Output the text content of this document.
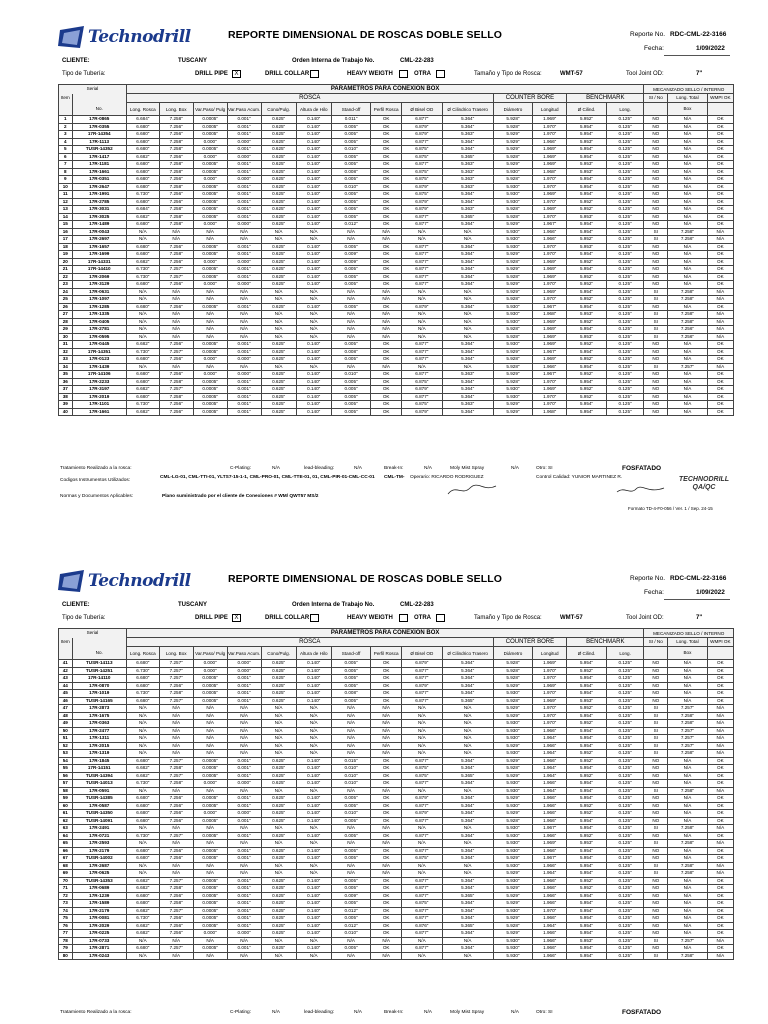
Technodrill	REPORTE DIMENSIONAL DE ROSCAS DOBLE SELLO	Reporte No. RDC-CML-22-3166
Fecha:	1/09/2022
CLIENTE:	TUSCANY	Orden Interna de Trabajo No.	CML-22-283
Tipo de Tubería:	DRILL PIPE	X	DRILL COLLAR	HEAVY WEIGTH	OTRA	Tamaño y Tipo de Rosca:	WMT-57	Tool Joint OD:	7"
Serial		PARÁMETROS PARA CONEXIÓN BOX														MECANIZADO SELLO / INTERNO		
Item		ROSCA										COUNTER BORE		BENCHMARK		SI / No	Long. Total	WMPI OK
	No.	Long. Rosca	Long. Box	Var.Paso/ Pulg	Var.Paso Acum.	Cono/Pulg.	Altura de Hilo	Stand-off	Perfil Rosca	Ø Bisel OD	Ø Cilindrico Trasero	Diámetro	Longitud	Ø Cilind.	Long.		Box	
1	17R-0865	6.684"	7.258"	0.0005"	0.001"	0.625"	0.140"	0.011"	OK	6.877"	5.364"	5.928"	1.969"	5.952"	0.125"	NO	N/A	OK
2	17R-0355	6.680"	7.256"	0.0005"	0.001"	0.625"	0.140"	0.005"	OK	6.879"	5.364"	5.928"	1.970"	5.954"	0.125"	NO	N/A	OK
3	17R-14354	6.680"	7.256"	0.0005"	0.001"	0.625"	0.140"	0.005"	OK	6.879"	5.363"	5.929"	1.970"	5.954"	0.125"	NO	N/A	OK
4	17R-1113	6.680"	7.258"	0.000"	0.000"	0.625"	0.140"	0.005"	OK	6.877"	5.364"	5.929"	1.966"	5.953"	0.125"	NO	N/A	OK
5	TUSR-14352	6.680"	7.258"	0.0005"	0.001"	0.625"	0.140"	0.010"	OK	6.875"	5.364"	5.929"	1.969"	5.954"	0.125"	NO	N/A	OK
6	17R-1417	6.682"	7.256"	0.000"	0.000"	0.625"	0.140"	0.005"	OK	6.875"	5.365"	5.928"	1.969"	5.954"	0.125"	NO	N/A	OK
7	17R-1181	6.680"	7.258"	0.0005"	0.001"	0.625"	0.140"	0.005"	OK	6.877"	5.363"	5.929"	1.969"	5.953"	0.125"	NO	N/A	OK
8	17R-1661	6.680"	7.258"	0.0005"	0.001"	0.625"	0.140"	0.008"	OK	6.875"	5.363"	5.930"	1.968"	5.953"	0.125"	NO	N/A	OK
9	17R-0351	6.680"	7.256"	0.000"	0.000"	0.625"	0.140"	0.005"	OK	6.875"	5.363"	5.928"	1.970"	5.954"	0.125"	NO	N/A	OK
10	17R-2647	6.680"	7.258"	0.0005"	0.001"	0.625"	0.140"	0.010"	OK	6.879"	5.363"	5.930"	1.970"	5.954"	0.125"	NO	N/A	OK
11	17R-1991	6.730"	7.256"	0.0005"	0.001"	0.625"	0.140"	0.005"	OK	6.875"	5.364"	5.930"	1.969"	5.954"	0.125"	NO	N/A	OK
12	17R-2785	6.680"	7.256"	0.0005"	0.001"	0.625"	0.140"	0.005"	OK	6.879"	5.364"	5.930"	1.970"	5.952"	0.125"	NO	N/A	OK
13	17R-3031	6.684"	7.258"	0.0005"	0.001"	0.625"	0.140"	0.005"	OK	6.879"	5.363"	5.928"	1.969"	5.952"	0.125"	NO	N/A	OK
14	17R-3025	6.682"	7.258"	0.0005"	0.001"	0.625"	0.140"	0.005"	OK	6.877"	5.365"	5.928"	1.970"	5.953"	0.125"	NO	N/A	OK
15	17R-1489	6.680"	7.258"	0.000"	0.000"	0.625"	0.140"	0.012"	OK	6.877"	5.364"	5.929"	1.967"	5.954"	0.125"	NO	N/A	OK
16	17R-0043	N/A	N/A	N/A	N/A	N/A	N/A	N/A	N/A	N/A	N/A	5.930"	1.966"	5.954"	0.125"	SI	7.258"	N/A
17	17R-2697	N/A	N/A	N/A	N/A	N/A	N/A	N/A	N/A	N/A	N/A	5.930"	1.966"	5.952"	0.125"	SI	7.256"	N/A
18	17R-1657	6.680"	7.256"	0.0005"	0.001"	0.625"	0.140"	0.005"	OK	6.877"	5.364"	5.930"	1.970"	5.953"	0.125"	NO	N/A	OK
19	17R-1699	6.680"	7.258"	0.0005"	0.001"	0.625"	0.140"	0.009"	OK	6.877"	5.364"	5.929"	1.970"	5.954"	0.125"	NO	N/A	OK
20	17R-14331	6.682"	7.256"	0.000"	0.000"	0.625"	0.140"	0.009"	OK	6.877"	5.364"	5.928"	1.969"	5.952"	0.125"	NO	N/A	OK
21	17R-14410	6.730"	7.257"	0.0005"	0.001"	0.625"	0.140"	0.005"	OK	6.877"	5.364"	5.929"	1.969"	5.954"	0.125"	NO	N/A	OK
22	17R-2069	6.730"	7.257"	0.0005"	0.001"	0.625"	0.140"	0.005"	OK	6.877"	5.364"	5.928"	1.969"	5.952"	0.125"	NO	N/A	OK
23	17R-3129	6.680"	7.256"	0.000"	0.000"	0.625"	0.140"	0.005"	OK	6.877"	5.364"	5.929"	1.970"	5.952"	0.125"	NO	N/A	OK
24	17R-0631	N/A	N/A	N/A	N/A	N/A	N/A	N/A	N/A	N/A	N/A	5.929"	1.969"	5.954"	0.125"	SI	7.258"	N/A
25	17R-1097	N/A	N/A	N/A	N/A	N/A	N/A	N/A	N/A	N/A	N/A	5.928"	1.970"	5.952"	0.125"	SI	7.258"	N/A
26	17R-1285	6.680"	7.256"	0.0005"	0.001"	0.625"	0.140"	0.005"	OK	6.879"	5.364"	5.930"	1.967"	5.954"	0.125"	NO	N/A	OK
27	17R-1335	N/A	N/A	N/A	N/A	N/A	N/A	N/A	N/A	N/A	N/A	5.930"	1.968"	5.953"	0.125"	SI	7.258"	N/A
28	17R-0405	N/A	N/A	N/A	N/A	N/A	N/A	N/A	N/A	N/A	N/A	5.930"	1.969"	5.952"	0.125"	SI	7.258"	N/A
29	17R-2781	N/A	N/A	N/A	N/A	N/A	N/A	N/A	N/A	N/A	N/A	5.928"	1.969"	5.954"	0.125"	SI	7.256"	N/A
30	17R-0595	N/A	N/A	N/A	N/A	N/A	N/A	N/A	N/A	N/A	N/A	5.928"	1.969"	5.953"	0.125"	SI	7.256"	N/A
31	17R-0445	6.682"	7.256"	0.0005"	0.001"	0.625"	0.140"	0.005"	OK	6.877"	5.364"	5.930"	1.969"	5.952"	0.125"	NO	N/A	OK
32	17R-14351	6.730"	7.257"	0.0005"	0.001"	0.625"	0.140"	0.008"	OK	6.877"	5.364"	5.929"	1.967"	5.954"	0.125"	NO	N/A	OK
33	17R-0123	6.680"	7.256"	0.000"	0.000"	0.625"	0.140"	0.005"	OK	6.877"	5.364"	5.928"	1.969"	5.952"	0.125"	NO	N/A	OK
34	17R-1439	N/A	N/A	N/A	N/A	N/A	N/A	N/A	N/A	N/A	N/A	5.928"	1.966"	5.954"	0.125"	SI	7.257"	N/A
35	17R-14106	6.680"	7.256"	0.000"	0.000"	0.625"	0.140"	0.010"	OK	6.877"	5.363"	5.929"	1.967"	5.952"	0.125"	NO	N/A	OK
36	17R-2233	6.680"	7.258"	0.0005"	0.001"	0.625"	0.140"	0.005"	OK	6.875"	5.364"	5.928"	1.970"	5.954"	0.125"	NO	N/A	OK
37	17R-3197	6.682"	7.257"	0.0005"	0.001"	0.625"	0.140"	0.005"	OK	6.879"	5.364"	5.930"	1.969"	5.952"	0.125"	NO	N/A	OK
38	17R-2019	6.680"	7.258"	0.0005"	0.001"	0.625"	0.140"	0.005"	OK	6.877"	5.364"	5.930"	1.970"	5.952"	0.125"	NO	N/A	OK
39	17R-1101	6.730"	7.256"	0.0005"	0.001"	0.625"	0.140"	0.005"	OK	6.875"	5.363"	5.929"	1.970"	5.954"	0.125"	NO	N/A	OK
40	17R-1661	6.682"	7.256"	0.0005"	0.001"	0.625"	0.140"	0.005"	OK	6.879"	5.364"	5.929"	1.968"	5.954"	0.125"	NO	N/A	OK
Tratamiento Realizado a la rosca:	C-Plating:	N/A	lead-bleading:	N/A	Break-In:	N/A	Moly Mist Spray	N/A	Otro: SI	FOSFATADO
Codigos Instrumentos Utilizados:
CML-LG-01, CML-TTI-01, YLTS7-15-1-1, CML-PRO-01, CML-TTE-01, 01, CML-PIR-01-CML-CC-01	CML-TM- Operario: RICARDO RODRIGUEZ	Control Calidad: YUNIOR MARTINEZ R.
Normas y Documentos Aplicables:	Plano suministrado por el cliente de Conexiones # WM/ QWT57 MS/2
TECHNODRILL QA/QC
Formato TD-4-F0-056 / Ver. 1 / Sep. 24-15
Technodrill	REPORTE DIMENSIONAL DE ROSCAS DOBLE SELLO	Reporte No. RDC-CML-22-3166
Fecha:	1/09/2022
CLIENTE:	TUSCANY	Orden Interna de Trabajo No.	CML-22-283
Tipo de Tubería:	DRILL PIPE	X	DRILL COLLAR	HEAVY WEIGTH	OTRA	Tamaño y Tipo de Rosca:	WMT-57	Tool Joint OD:	7"
Serial		PARÁMETROS PARA CONEXIÓN BOX														MECANIZADO SELLO / INTERNO		
Item		ROSCA										COUNTER BORE		BENCHMARK		SI / No	Long. Total	WMPI OK
	No.	Long. Rosca	Long. Box	Var.Paso/ Pulg	Var.Paso Acum.	Cono/Pulg.	Altura de Hilo	Stand-off	Perfil Rosca	Ø Bisel OD	Ø Cilindrico Trasero	Diámetro	Longitud	Ø Cilind.	Long.		Box	
41	TUSR-14113	6.680"	7.257"	0.000"	0.000"	0.625"	0.140"	0.005"	OK	6.879"	5.364"	5.928"	1.969"	5.954"	0.125"	NO	N/A	OK
42	TUSR-14251	6.730"	7.257"	0.000"	0.000"	0.625"	0.140"	0.005"	OK	6.877"	5.364"	5.928"	1.970"	5.952"	0.125"	NO	N/A	OK
43	17R-14110	6.680"	7.257"	0.0005"	0.001"	0.625"	0.140"	0.005"	OK	6.877"	5.364"	5.928"	1.970"	5.954"	0.125"	NO	N/A	OK
44	17R-0870	6.680"	7.256"	0.0005"	0.001"	0.625"	0.140"	0.005"	OK	6.879"	5.364"	5.929"	1.969"	5.954"	0.125"	NO	N/A	OK
45	17R-1019	6.730"	7.258"	0.0005"	0.001"	0.625"	0.140"	0.008"	OK	6.877"	5.364"	5.930"	1.970"	5.954"	0.125"	NO	N/A	OK
46	TUSR-14165	6.680"	7.257"	0.0005"	0.001"	0.625"	0.140"	0.005"	OK	6.877"	5.365"	5.928"	1.969"	5.953"	0.125"	NO	N/A	OK
47	17R-2873	N/A	N/A	N/A	N/A	N/A	N/A	N/A	N/A	N/A	N/A	5.929"	1.970"	5.952"	0.125"	SI	7.257"	N/A
48	17R-1675	N/A	N/A	N/A	N/A	N/A	N/A	N/A	N/A	N/A	N/A	5.929"	1.970"	5.954"	0.125"	SI	7.258"	N/A
49	17R-0363	N/A	N/A	N/A	N/A	N/A	N/A	N/A	N/A	N/A	N/A	5.930"	1.970"	5.952"	0.125"	SI	7.258"	N/A
50	17R-2477	N/A	N/A	N/A	N/A	N/A	N/A	N/A	N/A	N/A	N/A	5.930"	1.966"	5.954"	0.125"	SI	7.257"	N/A
51	17R-1311	N/A	N/A	N/A	N/A	N/A	N/A	N/A	N/A	N/A	N/A	5.930"	1.964"	5.954"	0.125"	SI	7.257"	N/A
52	17R-2015	N/A	N/A	N/A	N/A	N/A	N/A	N/A	N/A	N/A	N/A	5.929"	1.966"	5.954"	0.125"	SI	7.257"	N/A
53	17R-1319	N/A	N/A	N/A	N/A	N/A	N/A	N/A	N/A	N/A	N/A	5.930"	1.964"	5.952"	0.125"	SI	7.258"	N/A
54	17R-1845	6.680"	7.257"	0.0005"	0.001"	0.625"	0.140"	0.015"	OK	6.877"	5.364"	5.929"	1.966"	5.952"	0.125"	NO	N/A	OK
55	17R-14151	6.682"	7.258"	0.0005"	0.001"	0.625"	0.140"	0.010"	OK	6.875"	5.364"	5.928"	1.964"	5.954"	0.125"	NO	N/A	OK
56	TUSR-14394	6.682"	7.257"	0.0005"	0.001"	0.625"	0.140"	0.010"	OK	6.875"	5.365"	5.929"	1.964"	5.952"	0.125"	NO	N/A	OK
57	TUSR-14013	6.730"	7.258"	0.000"	0.000"	0.625"	0.140"	0.010"	OK	6.877"	5.364"	5.930"	1.966"	5.954"	0.125"	NO	N/A	OK
58	17R-0591	N/A	N/A	N/A	N/A	N/A	N/A	N/A	N/A	N/A	N/A	5.930"	1.964"	5.954"	0.125"	SI	7.258"	N/A
59	TUSR-14385	6.680"	7.256"	0.0005"	0.001"	0.625"	0.140"	0.005"	OK	6.879"	5.364"	5.929"	1.966"	5.954"	0.125"	NO	N/A	OK
60	17R-0587	6.680"	7.256"	0.0005"	0.001"	0.625"	0.140"	0.005"	OK	6.877"	5.364"	5.930"	1.966"	5.952"	0.125"	NO	N/A	OK
61	TUSR-14350	6.680"	7.256"	0.000"	0.000"	0.625"	0.140"	0.010"	OK	6.879"	5.364"	5.929"	1.966"	5.952"	0.125"	NO	N/A	OK
62	TUSR-14091	6.680"	7.256"	0.0005"	0.001"	0.625"	0.140"	0.005"	OK	6.877"	5.364"	5.928"	1.966"	5.954"	0.125"	NO	N/A	OK
63	17R-2491	N/A	N/A	N/A	N/A	N/A	N/A	N/A	N/A	N/A	N/A	5.930"	1.967"	5.954"	0.125"	SI	7.258"	N/A
64	17R-0721	6.730"	7.257"	0.0005"	0.001"	0.625"	0.140"	0.005"	OK	6.877"	5.364"	5.930"	1.966"	5.952"	0.125"	NO	N/A	OK
65	17R-2593	N/A	N/A	N/A	N/A	N/A	N/A	N/A	N/A	N/A	N/A	5.930"	1.969"	5.953"	0.125"	SI	7.258"	N/A
66	17R-2179	6.680"	7.256"	0.0005"	0.001"	0.625"	0.140"	0.005"	OK	6.877"	5.364"	5.930"	1.966"	5.954"	0.125"	NO	N/A	OK
67	TUSR-14002	6.680"	7.256"	0.0005"	0.001"	0.625"	0.140"	0.005"	OK	6.875"	5.364"	5.929"	1.967"	5.954"	0.125"	NO	N/A	OK
68	17R-2687	N/A	N/A	N/A	N/A	N/A	N/A	N/A	N/A	N/A	N/A	5.930"	1.966"	5.954"	0.125"	SI	7.258"	N/A
69	17R-0625	N/A	N/A	N/A	N/A	N/A	N/A	N/A	N/A	N/A	N/A	5.929"	1.964"	5.954"	0.125"	SI	7.258"	N/A
70	TUSR-14353	6.682"	7.257"	0.0005"	0.001"	0.625"	0.140"	0.005"	OK	6.877"	5.364"	5.930"	1.966"	5.952"	0.125"	NO	N/A	OK
71	17R-0689	6.682"	7.258"	0.0005"	0.001"	0.625"	0.140"	0.005"	OK	6.877"	5.364"	5.929"	1.966"	5.952"	0.125"	NO	N/A	OK
72	17R-1239	6.680"	7.256"	0.0005"	0.001"	0.625"	0.140"	0.009"	OK	6.877"	5.365"	5.929"	1.966"	5.954"	0.125"	NO	N/A	OK
73	17R-1589	6.680"	7.258"	0.0005"	0.001"	0.625"	0.140"	0.005"	OK	6.875"	5.364"	5.929"	1.966"	5.954"	0.125"	NO	N/A	OK
74	17R-2179	6.682"	7.257"	0.0005"	0.001"	0.625"	0.140"	0.012"	OK	6.877"	5.364"	5.930"	1.970"	5.954"	0.125"	NO	N/A	OK
75	17R-0081	6.730"	7.256"	0.0005"	0.001"	0.625"	0.140"	0.005"	OK	6.877"	5.364"	5.929"	1.966"	5.954"	0.125"	NO	N/A	OK
76	17R-2029	6.682"	7.256"	0.0005"	0.001"	0.625"	0.140"	0.012"	OK	6.876"	5.365"	5.928"	1.964"	5.954"	0.125"	NO	N/A	OK
77	17R-0225	6.682"	7.256"	0.000"	0.000"	0.625"	0.140"	0.010"	OK	6.877"	5.364"	5.929"	1.966"	5.954"	0.125"	NO	N/A	OK
78	17R-0733	N/A	N/A	N/A	N/A	N/A	N/A	N/A	N/A	N/A	N/A	5.930"	1.966"	5.953"	0.125"	SI	7.257"	N/A
79	17R-2871	6.680"	7.257"	0.0005"	0.001"	0.625"	0.140"	0.005"	OK	6.877"	5.364"	5.930"	1.966"	5.954"	0.125"	NO	N/A	OK
80	17R-0243	N/A	N/A	N/A	N/A	N/A	N/A	N/A	N/A	N/A	N/A	5.930"	1.966"	5.954"	0.125"	SI	7.258"	N/A
Tratamiento Realizado a la rosca:	C-Plating:	N/A	lead-bleading:	N/A	Break-In:	N/A	Moly Mist Spray	N/A	Otro: SI	FOSFATADO
